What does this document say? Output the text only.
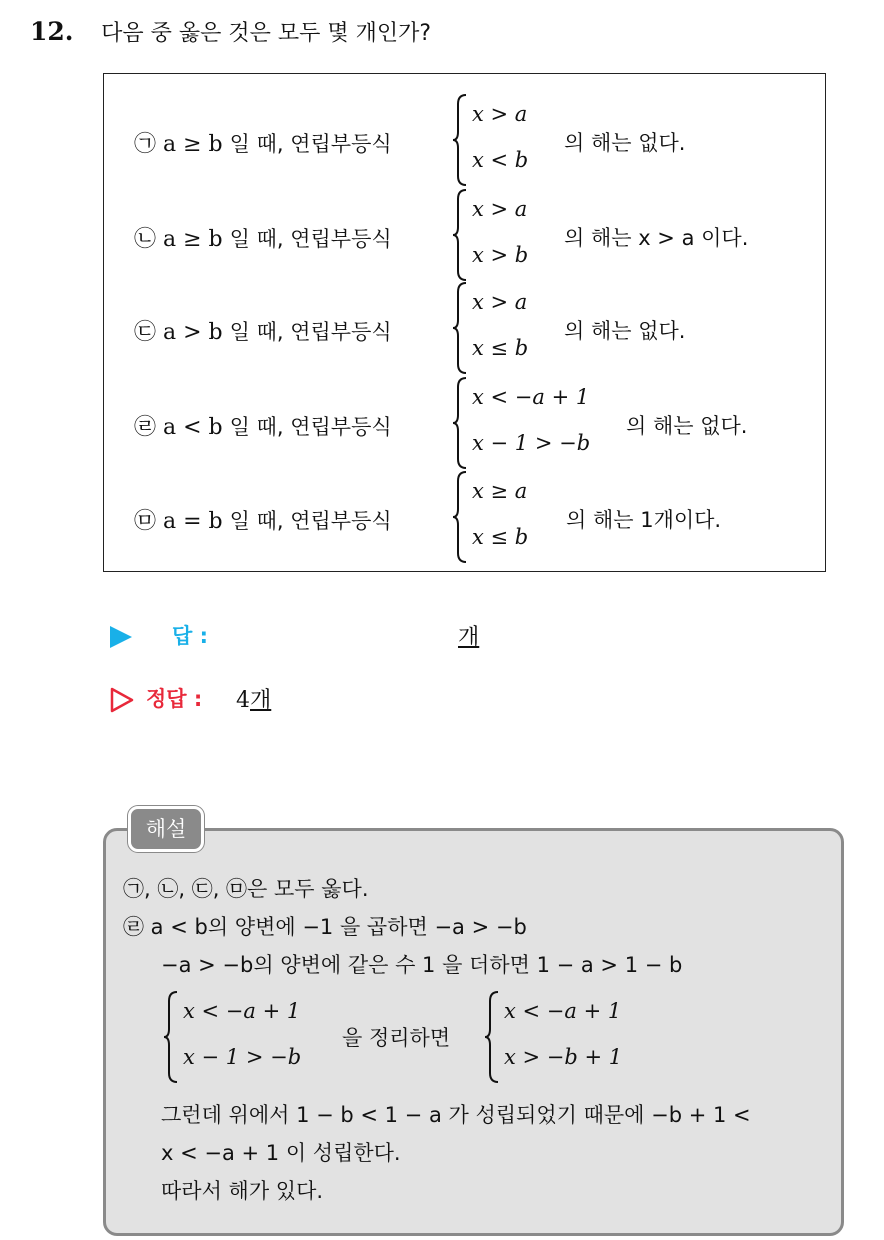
12. 다음 중 옳은 것은 모두 몇 개인가?
㉠ a ≥ b 일 때, 연립부등식
x > a
x < b
의 해는 없다.
㉡ a ≥ b 일 때, 연립부등식
x > a
x > b
의 해는 x > a 이다.
㉢ a > b 일 때, 연립부등식
x > a
x ≤ b
의 해는 없다.
㉣ a < b 일 때, 연립부등식
x < −a + 1
x − 1 > −b
의 해는 없다.
㉤ a = b 일 때, 연립부등식
x ≥ a
x ≤ b
의 해는 1개이다.
답 :	개
정답 : 4개
해설
㉠, ㉡, ㉢, ㉤은 모두 옳다.
㉣ a < b의 양변에 −1 을 곱하면 −a > −b
−a > −b의 양변에 같은 수 1 을 더하면 1 − a > 1 − b
x < −a + 1
x − 1 > −b
을 정리하면
x < −a + 1
x > −b + 1
그런데 위에서 1 − b < 1 − a 가 성립되었기 때문에 −b + 1 <
x < −a + 1 이 성립한다.
따라서 해가 있다.
